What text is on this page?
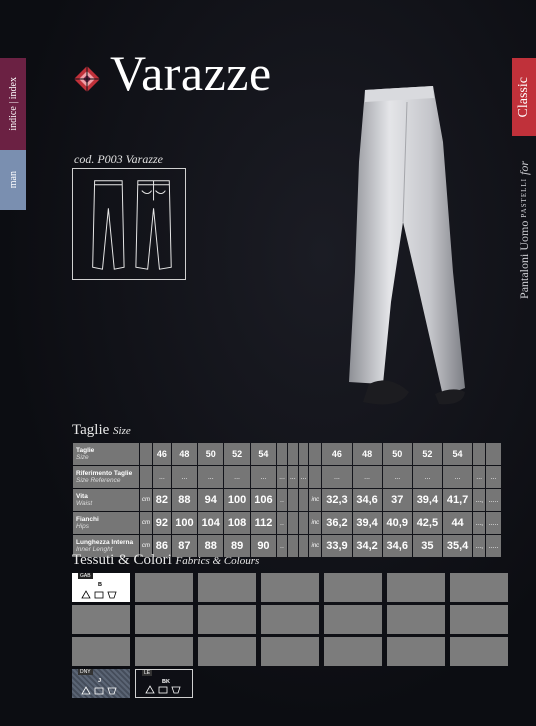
indice | index
man
Classic
Pantaloni Uomo PASTELLI for
Varazze
cod. P003 Varazze
Taglie Size
Taglie
Size		46	48	50	52	54					46	48	50	52	54		

Riferimento Taglie
Size Reference		...	...	...	...	...	...	...	...		...	...	...	...	...	...	...

Vita
Waist	cm	82	88	94	100	106	..			inc	32,3	34,6	37	39,4	41,7	...,	.....

Fianchi
Hips	cm	92	100	104	108	112	..			inc	36,2	39,4	40,9	42,5	44	...,	.....

Lunghezza Interna
Inner Lenght	cm	86	87	88	89	90	..			inc	33,9	34,2	34,6	35	35,4	...,	.....
Tessuti & Colori Fabrics & Colours
GAB
B
DNY
J
LE
BK
